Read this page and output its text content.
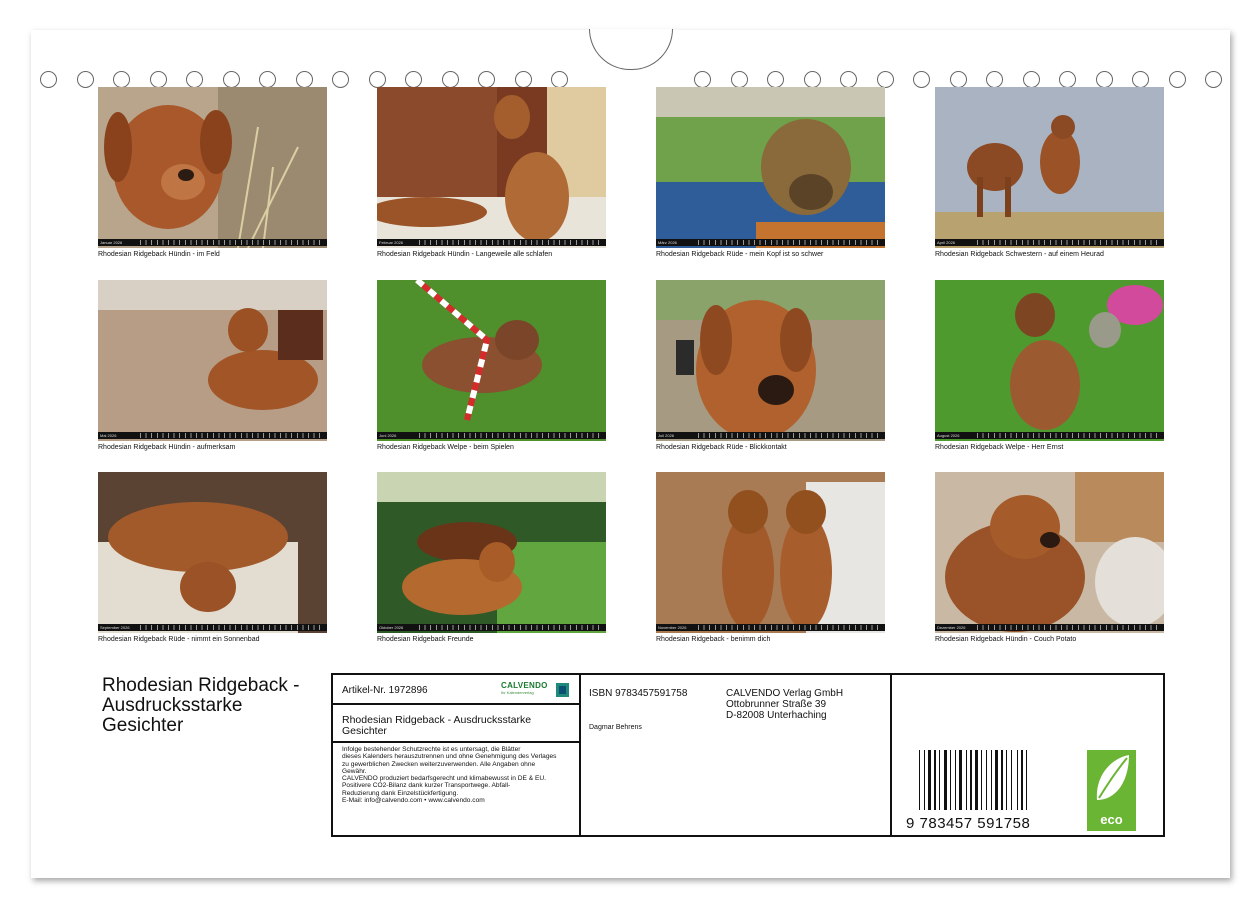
Januar 2026
Rhodesian Ridgeback Hündin - im Feld
Februar 2026
Rhodesian Ridgeback Hündin - Langeweile alle schlafen
März 2026
Rhodesian Ridgeback Rüde - mein Kopf ist so schwer
April 2026
Rhodesian Ridgeback Schwestern - auf einem Heurad
Mai 2026
Rhodesian Ridgeback Hündin - aufmerksam
Juni 2026
Rhodesian Ridgeback Welpe - beim Spielen
Juli 2026
Rhodesian Ridgeback Rüde - Blickkontakt
August 2026
Rhodesian Ridgeback Welpe - Herr Ernst
September 2026
Rhodesian Ridgeback Rüde - nimmt ein Sonnenbad
Oktober 2026
Rhodesian Ridgeback Freunde
November 2026
Rhodesian Ridgeback - benimm dich
Dezember 2026
Rhodesian Ridgeback Hündin - Couch Potato
Rhodesian Ridgeback -
Ausdrucksstarke
Gesichter
Artikel-Nr. 1972896	CALVENDO
Ihr Kalenderverlag
Rhodesian Ridgeback - Ausdrucksstarke
Gesichter
Infolge bestehender Schutzrechte ist es untersagt, die Blätter
dieses Kalenders herauszutrennen und ohne Genehmigung des Verlages
zu gewerblichen Zwecken weiterzuverwenden. Alle Angaben ohne
Gewähr.
CALVENDO produziert bedarfsgerecht und klimabewusst in DE & EU.
Positivere CO2-Bilanz dank kurzer Transportwege. Abfall-
Reduzierung dank Einzelstückfertigung.
E-Mail: info@calvendo.com • www.calvendo.com
ISBN 9783457591758
Dagmar Behrens
CALVENDO Verlag GmbH
Ottobrunner Straße 39
D-82008 Unterhaching
9 783457 591758	eco
